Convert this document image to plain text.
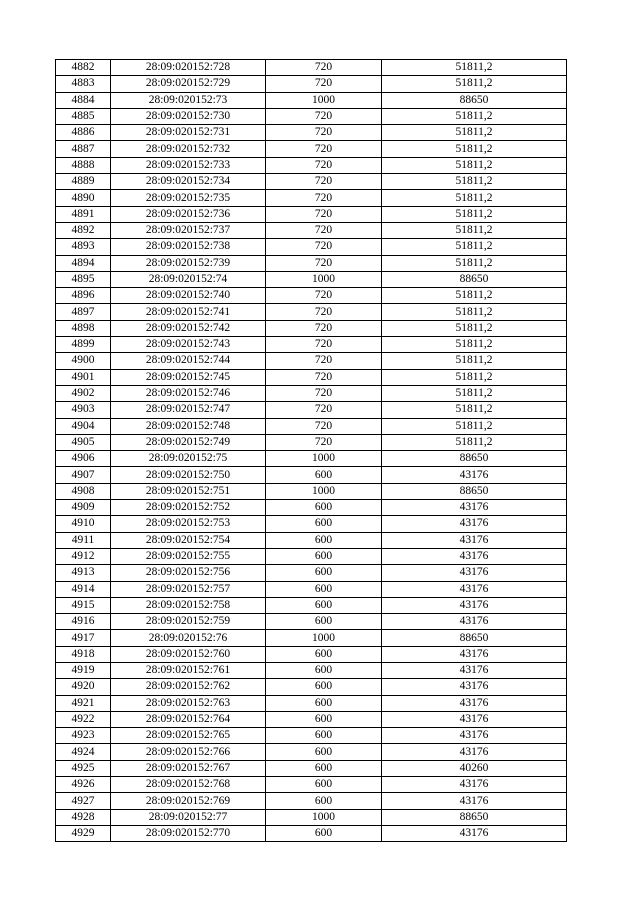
4882	28:09:020152:728	720	51811,2
4883	28:09:020152:729	720	51811,2
4884	28:09:020152:73	1000	88650
4885	28:09:020152:730	720	51811,2
4886	28:09:020152:731	720	51811,2
4887	28:09:020152:732	720	51811,2
4888	28:09:020152:733	720	51811,2
4889	28:09:020152:734	720	51811,2
4890	28:09:020152:735	720	51811,2
4891	28:09:020152:736	720	51811,2
4892	28:09:020152:737	720	51811,2
4893	28:09:020152:738	720	51811,2
4894	28:09:020152:739	720	51811,2
4895	28:09:020152:74	1000	88650
4896	28:09:020152:740	720	51811,2
4897	28:09:020152:741	720	51811,2
4898	28:09:020152:742	720	51811,2
4899	28:09:020152:743	720	51811,2
4900	28:09:020152:744	720	51811,2
4901	28:09:020152:745	720	51811,2
4902	28:09:020152:746	720	51811,2
4903	28:09:020152:747	720	51811,2
4904	28:09:020152:748	720	51811,2
4905	28:09:020152:749	720	51811,2
4906	28:09:020152:75	1000	88650
4907	28:09:020152:750	600	43176
4908	28:09:020152:751	1000	88650
4909	28:09:020152:752	600	43176
4910	28:09:020152:753	600	43176
4911	28:09:020152:754	600	43176
4912	28:09:020152:755	600	43176
4913	28:09:020152:756	600	43176
4914	28:09:020152:757	600	43176
4915	28:09:020152:758	600	43176
4916	28:09:020152:759	600	43176
4917	28:09:020152:76	1000	88650
4918	28:09:020152:760	600	43176
4919	28:09:020152:761	600	43176
4920	28:09:020152:762	600	43176
4921	28:09:020152:763	600	43176
4922	28:09:020152:764	600	43176
4923	28:09:020152:765	600	43176
4924	28:09:020152:766	600	43176
4925	28:09:020152:767	600	40260
4926	28:09:020152:768	600	43176
4927	28:09:020152:769	600	43176
4928	28:09:020152:77	1000	88650
4929	28:09:020152:770	600	43176
